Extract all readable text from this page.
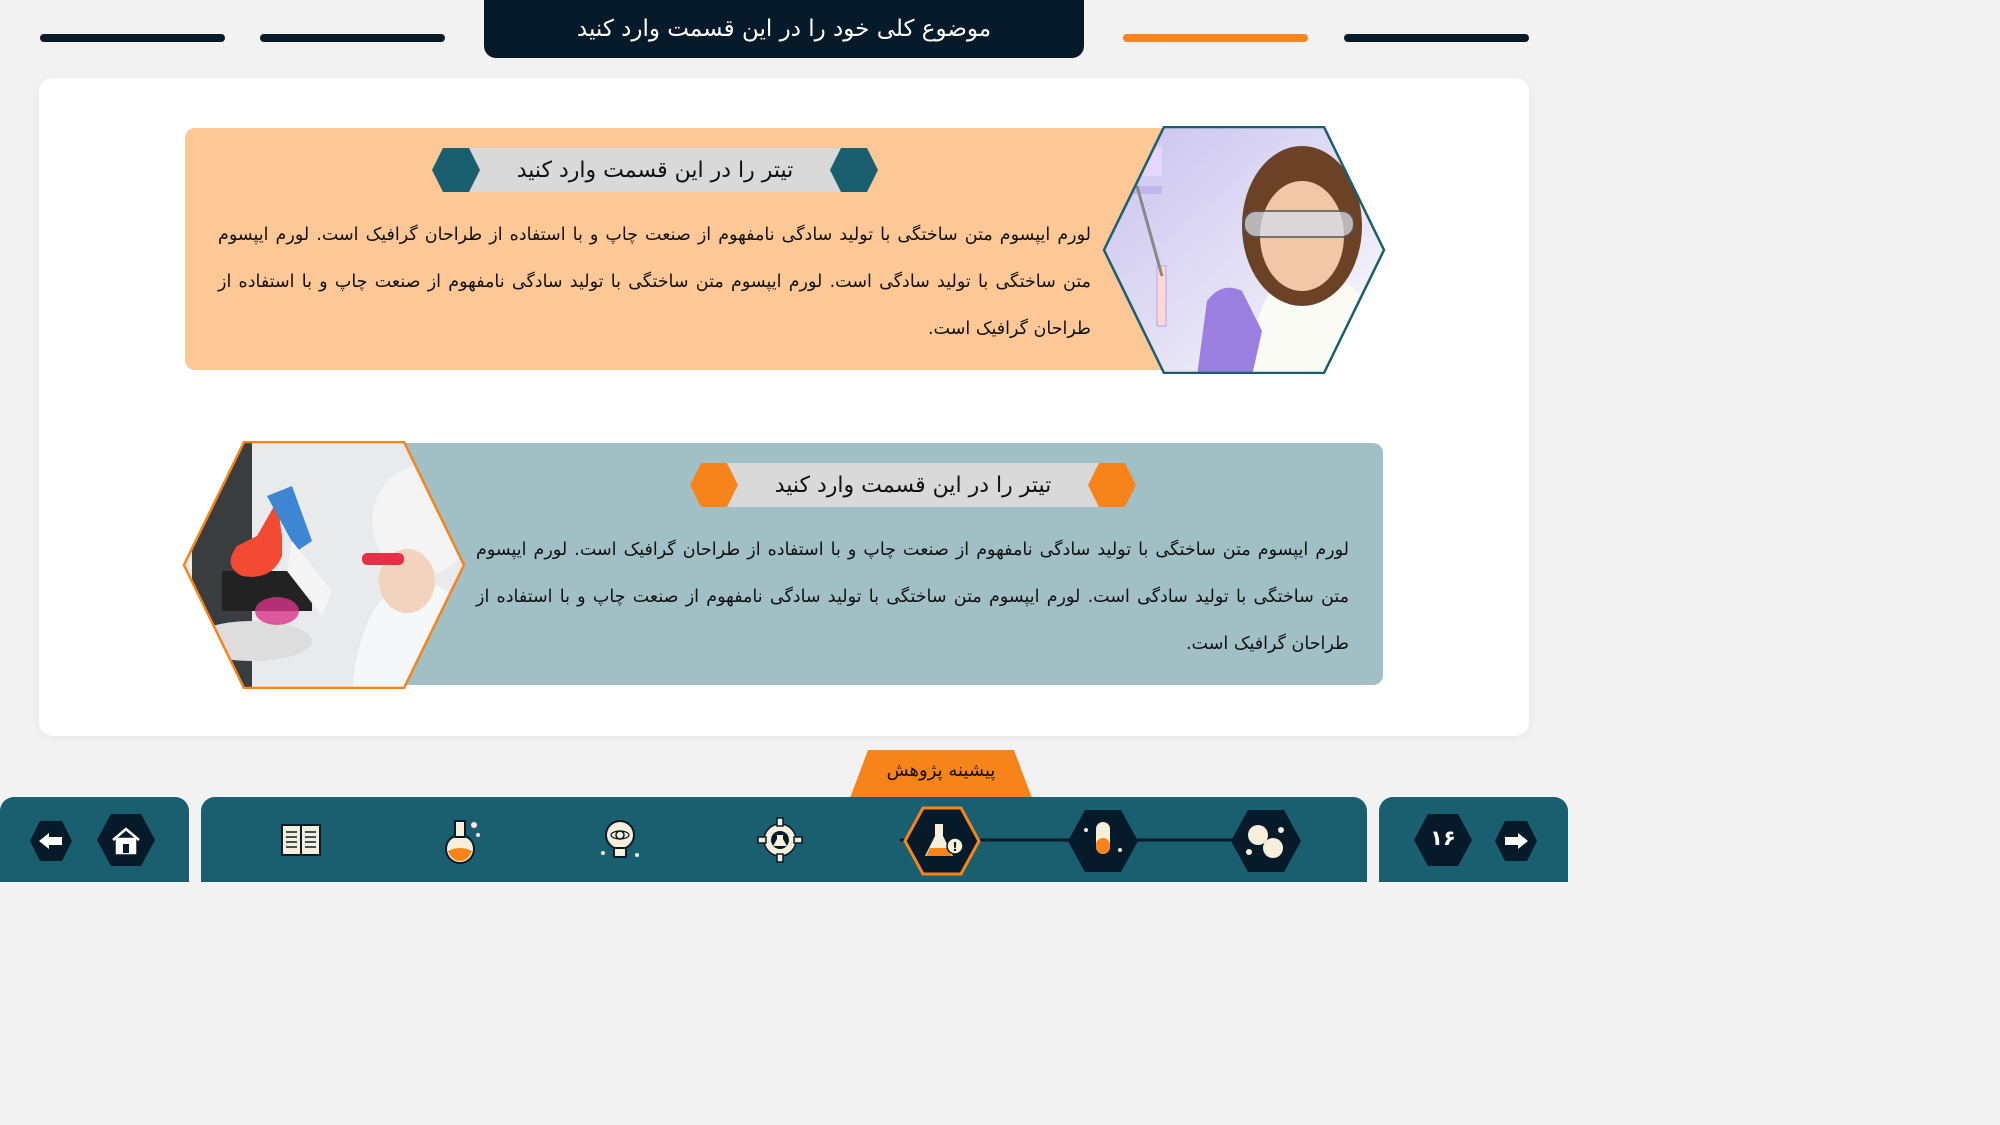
موضوع کلی خود را در این قسمت وارد کنید
تیتر را در این قسمت وارد کنید
لورم ایپسوم متن ساختگی با تولید سادگی نامفهوم از صنعت چاپ و با استفاده از طراحان گرافیک است. لورم ایپسوم متن ساختگی با تولید سادگی است. لورم ایپسوم متن ساختگی با تولید سادگی نامفهوم از صنعت چاپ و با استفاده از طراحان گرافیک است.
تیتر را در این قسمت وارد کنید
لورم ایپسوم متن ساختگی با تولید سادگی نامفهوم از صنعت چاپ و با استفاده از طراحان گرافیک است. لورم ایپسوم متن ساختگی با تولید سادگی است. لورم ایپسوم متن ساختگی با تولید سادگی نامفهوم از صنعت چاپ و با استفاده از طراحان گرافیک است.
پیشینه پژوهش
!	۱۶
